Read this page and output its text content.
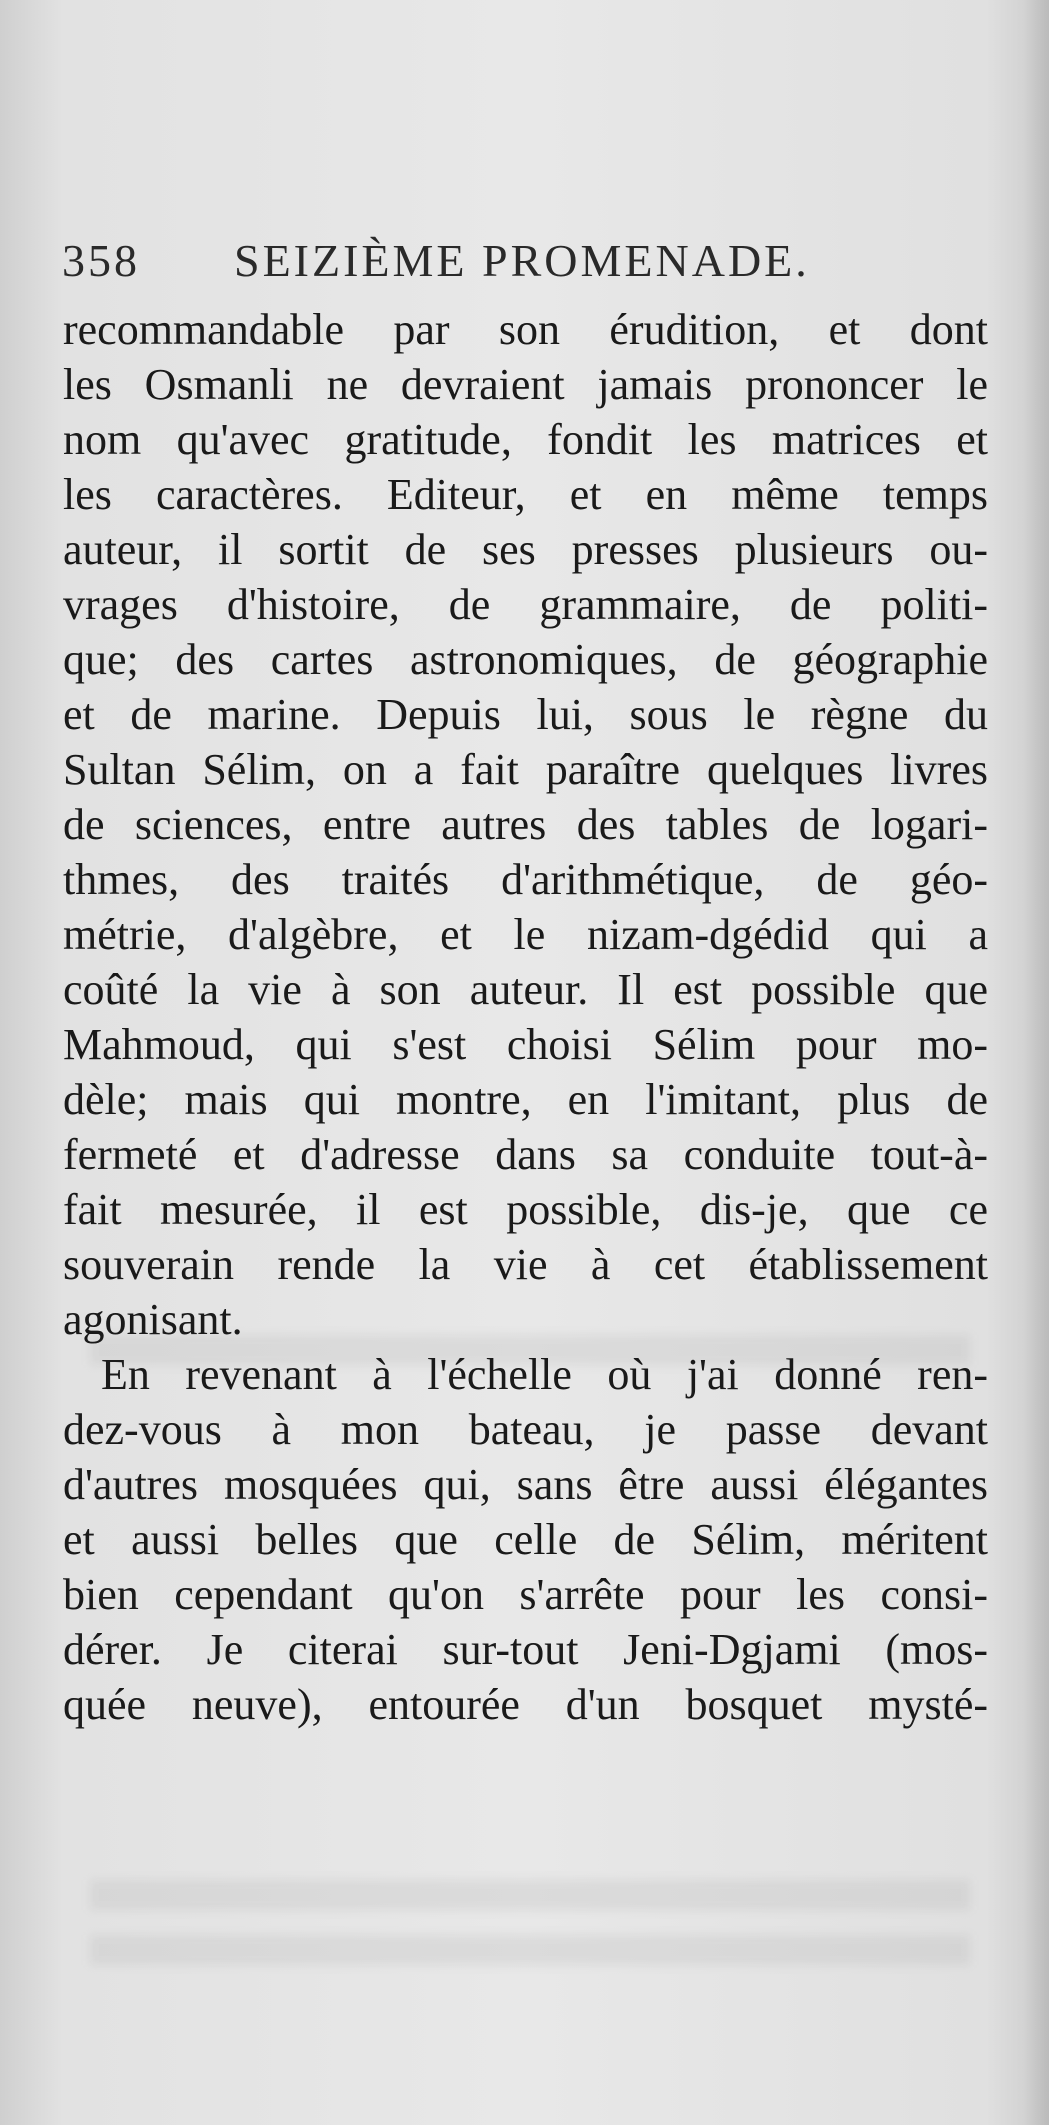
358 SEIZIÈME PROMENADE.
recommandable par son érudition, et dont
les Osmanli ne devraient jamais prononcer le
nom qu'avec gratitude, fondit les matrices et
les caractères. Editeur, et en même temps
auteur, il sortit de ses presses plusieurs ou-
vrages d'histoire, de grammaire, de politi-
que; des cartes astronomiques, de géographie
et de marine. Depuis lui, sous le règne du
Sultan Sélim, on a fait paraître quelques livres
de sciences, entre autres des tables de logari-
thmes, des traités d'arithmétique, de géo-
métrie, d'algèbre, et le nizam-dgédid qui a
coûté la vie à son auteur. Il est possible que
Mahmoud, qui s'est choisi Sélim pour mo-
dèle; mais qui montre, en l'imitant, plus de
fermeté et d'adresse dans sa conduite tout-à-
fait mesurée, il est possible, dis-je, que ce
souverain rende la vie à cet établissement
agonisant.
En revenant à l'échelle où j'ai donné ren-
dez-vous à mon bateau, je passe devant
d'autres mosquées qui, sans être aussi élégantes
et aussi belles que celle de Sélim, méritent
bien cependant qu'on s'arrête pour les consi-
dérer. Je citerai sur-tout Jeni-Dgjami (mos-
quée neuve), entourée d'un bosquet mysté-
